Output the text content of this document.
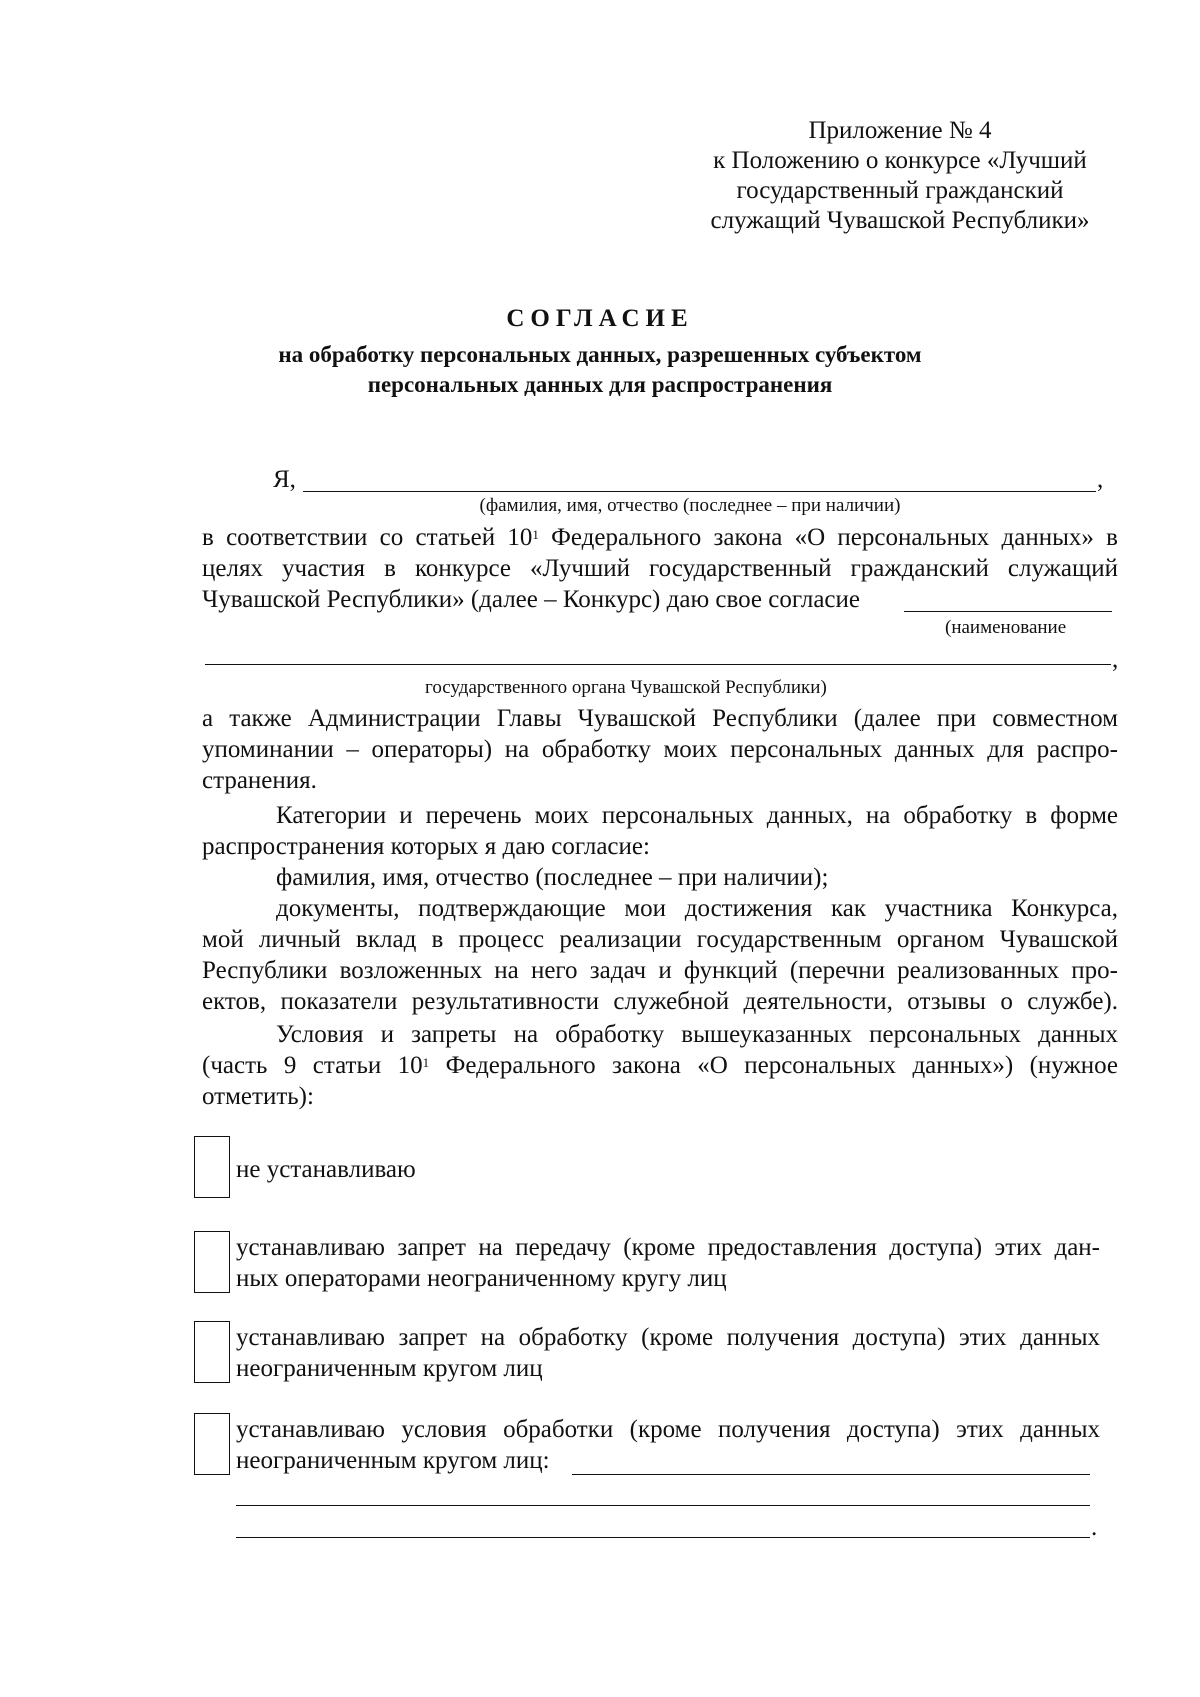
Приложение № 4
к Положению о конкурсе «Лучший
государственный гражданский
служащий Чувашской Республики»
СОГЛАСИЕ
на обработку персональных данных, разрешенных субъектом
персональных данных для распространения
Я,	,
(фамилия, имя, отчество (последнее – при наличии)
в соответствии со статьей $10^1$ Федерального закона «О персональных данных» в
целях участия в конкурсе «Лучший государственный гражданский служащий
Чувашской Республики» (далее – Конкурс) даю свое согласие
(наименование
,
государственного органа Чувашской Республики)
а также Администрации Главы Чувашской Республики (далее при совместном
упоминании – операторы) на обработку моих персональных данных для распро-
странения.
Категории и перечень моих персональных данных, на обработку в форме
распространения которых я даю согласие:
фамилия, имя, отчество (последнее – при наличии);
документы, подтверждающие мои достижения как участника Конкурса,
мой личный вклад в процесс реализации государственным органом Чувашской
Республики возложенных на него задач и функций (перечни реализованных про-
ектов, показатели результативности служебной деятельности, отзывы о службе).
Условия и запреты на обработку вышеуказанных персональных данных
(часть 9 статьи $10^1$ Федерального закона «О персональных данных») (нужное
отметить):
не устанавливаю
устанавливаю запрет на передачу (кроме предоставления доступа) этих дан-
ных операторами неограниченному кругу лиц
устанавливаю запрет на обработку (кроме получения доступа) этих данных
неограниченным кругом лиц
устанавливаю условия обработки (кроме получения доступа) этих данных
неограниченным кругом лиц:
.
